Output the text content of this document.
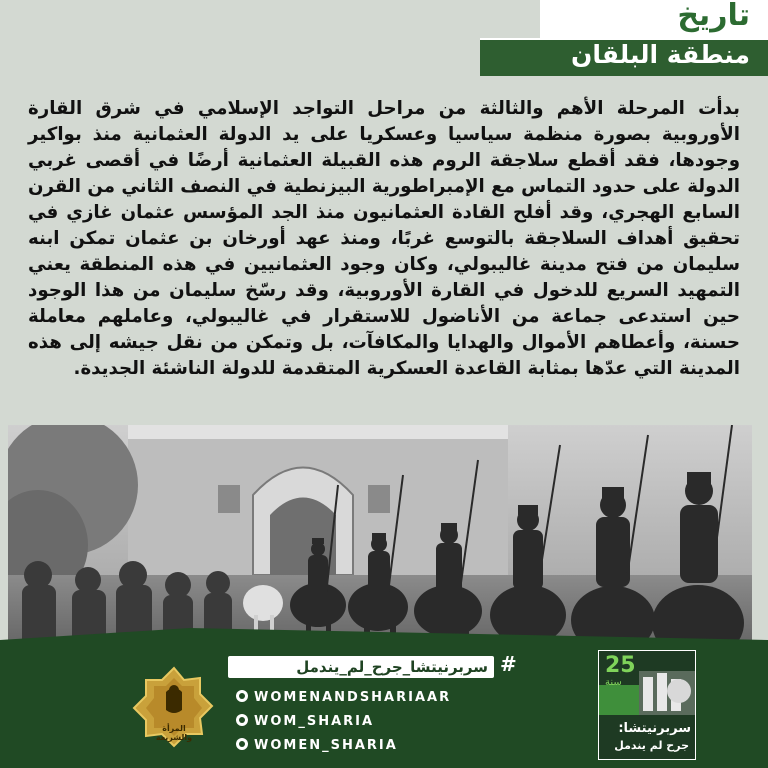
تاريخ
منطقة البلقان
بدأت المرحلة الأهم والثالثة من مراحل التواجد الإسلامي في شرق القارة الأوروبية بصورة منظمة سياسيا وعسكريا على يد الدولة العثمانية منذ بواكير وجودها، فقد أقطع سلاجقة الروم هذه القبيلة العثمانية أرضًا في أقصى غربي الدولة على حدود التماس مع الإمبراطورية البيزنطية في النصف الثاني من القرن السابع الهجري، وقد أفلح القادة العثمانيون منذ الجد المؤسس عثمان غازي في تحقيق أهداف السلاجقة بالتوسع غربًا، ومنذ عهد أورخان بن عثمان تمكن ابنه سليمان من فتح مدينة غاليبولي، وكان وجود العثمانيين في هذه المنطقة يعني التمهيد السريع للدخول في القارة الأوروبية، وقد رسّخ سليمان من هذا الوجود حين استدعى جماعة من الأناضول للاستقرار في غاليبولي، وعاملهم معاملة حسنة، وأعطاهم الأموال والهدايا والمكافآت، بل وتمكن من نقل جيشه إلى هذه المدينة التي عدّها بمثابة القاعدة العسكرية المتقدمة للدولة الناشئة الجديدة.
#
سربرنيتشا_جرح_لم_يندمل
WOMENANDSHARIAAR
WOM_SHARIA
WOMEN_SHARIA
المرأة والشريعة
25
سنة
سربرنيتشا:
جرح لم يندمل
